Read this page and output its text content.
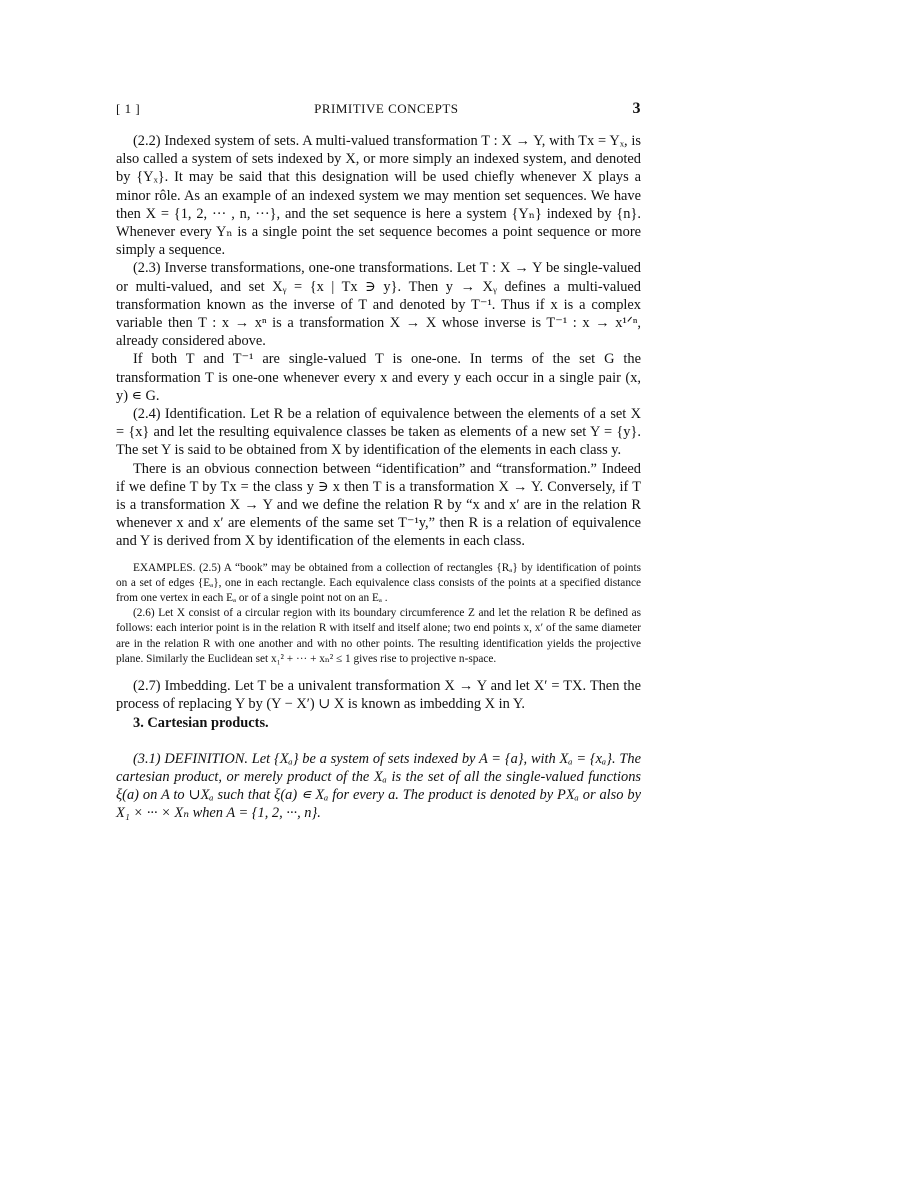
[ 1 ]	PRIMITIVE CONCEPTS	3

(2.2) Indexed system of sets. A multi-valued transformation T : X → Y, with Tx = Yₓ, is also called a system of sets indexed by X, or more simply an indexed system, and denoted by {Yₓ}. It may be said that this designation will be used chiefly whenever X plays a minor rôle. As an example of an indexed system we may mention set sequences. We have then X = {1, 2, ··· , n, ···}, and the set sequence is here a system {Yₙ} indexed by {n}. Whenever every Yₙ is a single point the set sequence becomes a point sequence or more simply a sequence.

(2.3) Inverse transformations, one-one transformations. Let T : X → Y be single-valued or multi-valued, and set Xᵧ = {x | Tx ∋ y}. Then y → Xᵧ defines a multi-valued transformation known as the inverse of T and denoted by T⁻¹. Thus if x is a complex variable then T : x → xⁿ is a transformation X → X whose inverse is T⁻¹ : x → x¹ᐟⁿ, already considered above.

If both T and T⁻¹ are single-valued T is one-one. In terms of the set G the transformation T is one-one whenever every x and every y each occur in a single pair (x, y) ∊ G.

(2.4) Identification. Let R be a relation of equivalence between the elements of a set X = {x} and let the resulting equivalence classes be taken as elements of a new set Y = {y}. The set Y is said to be obtained from X by identification of the elements in each class y.

There is an obvious connection between “identification” and “transformation.” Indeed if we define T by Tx = the class y ∋ x then T is a transformation X → Y. Conversely, if T is a transformation X → Y and we define the relation R by “x and x′ are in the relation R whenever x and x′ are elements of the same set T⁻¹y,” then R is a relation of equivalence and Y is derived from X by identification of the elements in each class.

EXAMPLES. (2.5) A “book” may be obtained from a collection of rectangles {Rₐ} by identification of points on a set of edges {Eₐ}, one in each rectangle. Each equivalence class consists of the points at a specified distance from one vertex in each Eₐ or of a single point not on an Eₐ .

(2.6) Let X consist of a circular region with its boundary circumference Z and let the relation R be defined as follows: each interior point is in the relation R with itself and itself alone; two end points x, x′ of the same diameter are in the relation R with one another and with no other points. The resulting identification yields the projective plane. Similarly the Euclidean set x₁² + ··· + xₙ² ≤ 1 gives rise to projective n-space.

(2.7) Imbedding. Let T be a univalent transformation X → Y and let X′ = TX. Then the process of replacing Y by (Y − X′) ∪ X is known as imbedding X in Y.

3. Cartesian products.

(3.1) DEFINITION. Let {Xₐ} be a system of sets indexed by A = {a}, with Xₐ = {xₐ}. The cartesian product, or merely product of the Xₐ is the set of all the single-valued functions ξ(a) on A to ∪Xₐ such that ξ(a) ∊ Xₐ for every a. The product is denoted by PXₐ or also by X₁ × ··· × Xₙ when A = {1, 2, ···, n}.
